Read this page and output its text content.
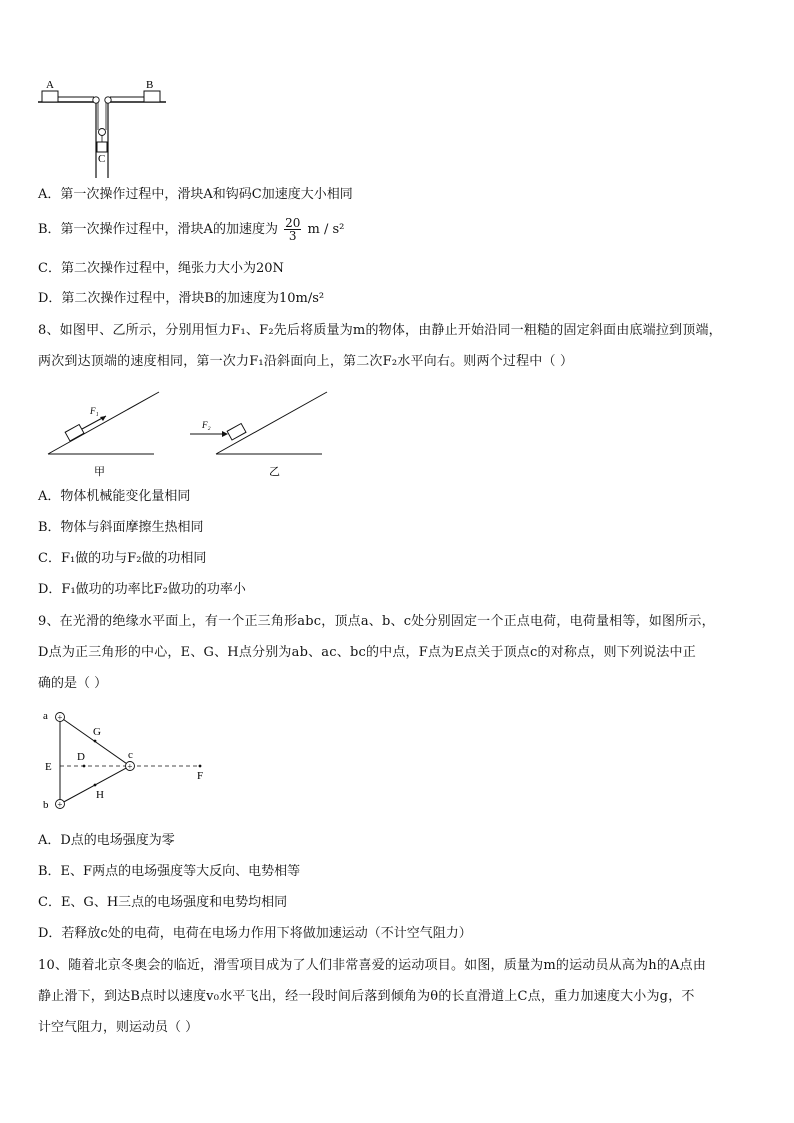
A	B
C
A．第一次操作过程中，滑块A和钩码C加速度大小相同
B．第一次操作过程中，滑块A的加速度为 $\frac{20}{3}$ m / s²
C．第二次操作过程中，绳张力大小为20N
D．第二次操作过程中，滑块B的加速度为10m/s²
8、如图甲、乙所示，分别用恒力F₁、F₂先后将质量为m的物体，由静止开始沿同一粗糙的固定斜面由底端拉到顶端，
两次到达顶端的速度相同，第一次力F₁沿斜面向上，第二次F₂水平向右。则两个过程中（ ）
F₁
甲
F₂
乙
A．物体机械能变化量相同
B．物体与斜面摩擦生热相同
C．F₁做的功与F₂做的功相同
D．F₁做功的功率比F₂做功的功率小
9、在光滑的绝缘水平面上，有一个正三角形abc，顶点a、b、c处分别固定一个正点电荷，电荷量相等，如图所示，
D点为正三角形的中心，E、G、H点分别为ab、ac、bc的中点，F点为E点关于顶点c的对称点，则下列说法中正
确的是（ ）
+
+
+
a
b
c
D
E
F
G
H
A．D点的电场强度为零
B．E、F两点的电场强度等大反向、电势相等
C．E、G、H三点的电场强度和电势均相同
D．若释放c处的电荷，电荷在电场力作用下将做加速运动（不计空气阻力）
10、随着北京冬奥会的临近，滑雪项目成为了人们非常喜爱的运动项目。如图，质量为m的运动员从高为h的A点由
静止滑下，到达B点时以速度v₀水平飞出，经一段时间后落到倾角为θ的长直滑道上C点，重力加速度大小为g，不
计空气阻力，则运动员（ ）
